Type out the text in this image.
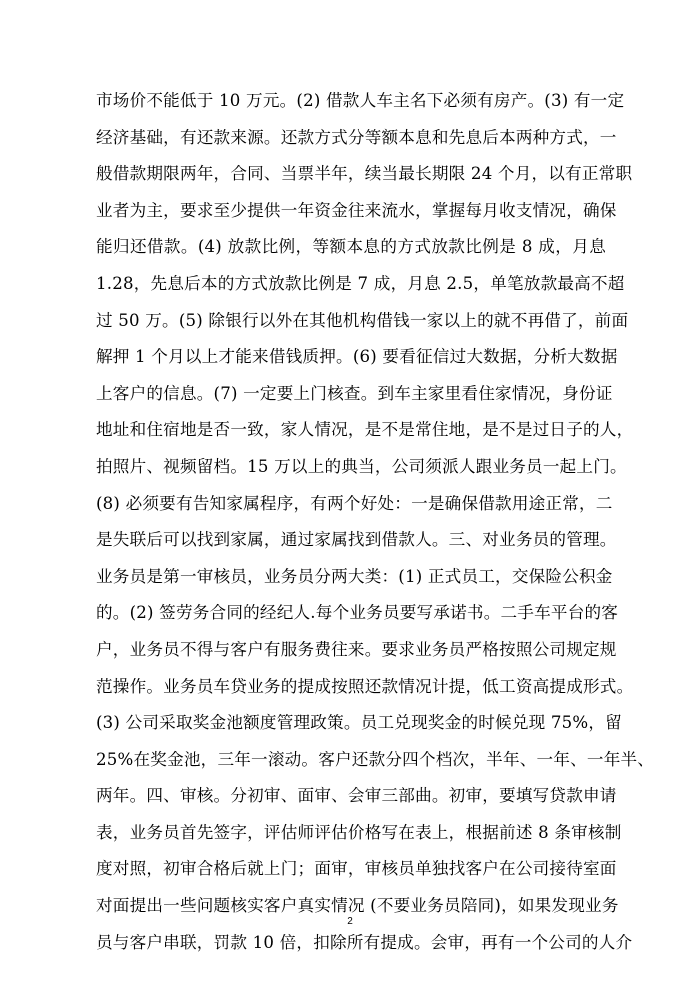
市场价不能低于 10 万元。(2) 借款人车主名下必须有房产。(3) 有一定
经济基础，有还款来源。还款方式分等额本息和先息后本两种方式，一
般借款期限两年，合同、当票半年，续当最长期限 24 个月，以有正常职
业者为主，要求至少提供一年资金往来流水，掌握每月收支情况，确保
能归还借款。(4) 放款比例，等额本息的方式放款比例是 8 成，月息
1.28，先息后本的方式放款比例是 7 成，月息 2.5，单笔放款最高不超
过 50 万。(5) 除银行以外在其他机构借钱一家以上的就不再借了，前面
解押 1 个月以上才能来借钱质押。(6) 要看征信过大数据，分析大数据
上客户的信息。(7) 一定要上门核查。到车主家里看住家情况，身份证
地址和住宿地是否一致，家人情况，是不是常住地，是不是过日子的人，
拍照片、视频留档。15 万以上的典当，公司须派人跟业务员一起上门。
(8) 必须要有告知家属程序，有两个好处：一是确保借款用途正常，二
是失联后可以找到家属，通过家属找到借款人。三、对业务员的管理。
业务员是第一审核员，业务员分两大类：(1) 正式员工，交保险公积金
的。(2) 签劳务合同的经纪人.每个业务员要写承诺书。二手车平台的客
户，业务员不得与客户有服务费往来。要求业务员严格按照公司规定规
范操作。业务员车贷业务的提成按照还款情况计提，低工资高提成形式。
(3) 公司采取奖金池额度管理政策。员工兑现奖金的时候兑现 75%，留
25%在奖金池，三年一滚动。客户还款分四个档次，半年、一年、一年半、
两年。四、审核。分初审、面审、会审三部曲。初审，要填写贷款申请
表，业务员首先签字，评估师评估价格写在表上，根据前述 8 条审核制
度对照，初审合格后就上门；面审，审核员单独找客户在公司接待室面
对面提出一些问题核实客户真实情况 (不要业务员陪同)，如果发现业务
员与客户串联，罚款 10 倍，扣除所有提成。会审，再有一个公司的人介
2
